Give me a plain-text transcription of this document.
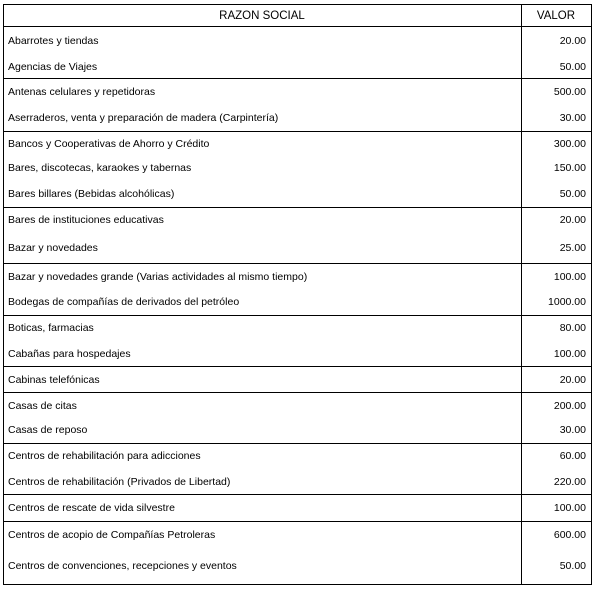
RAZON SOCIAL	VALOR
Abarrotes y tiendas	20.00
Agencias de Viajes	50.00
Antenas celulares y repetidoras	500.00
Aserraderos, venta y preparación de madera (Carpintería)	30.00
Bancos y Cooperativas de Ahorro y Crédito	300.00
Bares, discotecas, karaokes y tabernas	150.00
Bares billares (Bebidas alcohólicas)	50.00
Bares de instituciones educativas	20.00
Bazar y novedades	25.00
Bazar y novedades grande (Varias actividades al mismo tiempo)	100.00
Bodegas de compañías de derivados del petróleo	1000.00
Boticas, farmacias	80.00
Cabañas para hospedajes	100.00
Cabinas telefónicas	20.00
Casas de citas	200.00
Casas de reposo	30.00
Centros de rehabilitación para adicciones	60.00
Centros de rehabilitación (Privados de Libertad)	220.00
Centros de rescate de vida silvestre	100.00
Centros de acopio de Compañías Petroleras	600.00
Centros de convenciones, recepciones y eventos	50.00
